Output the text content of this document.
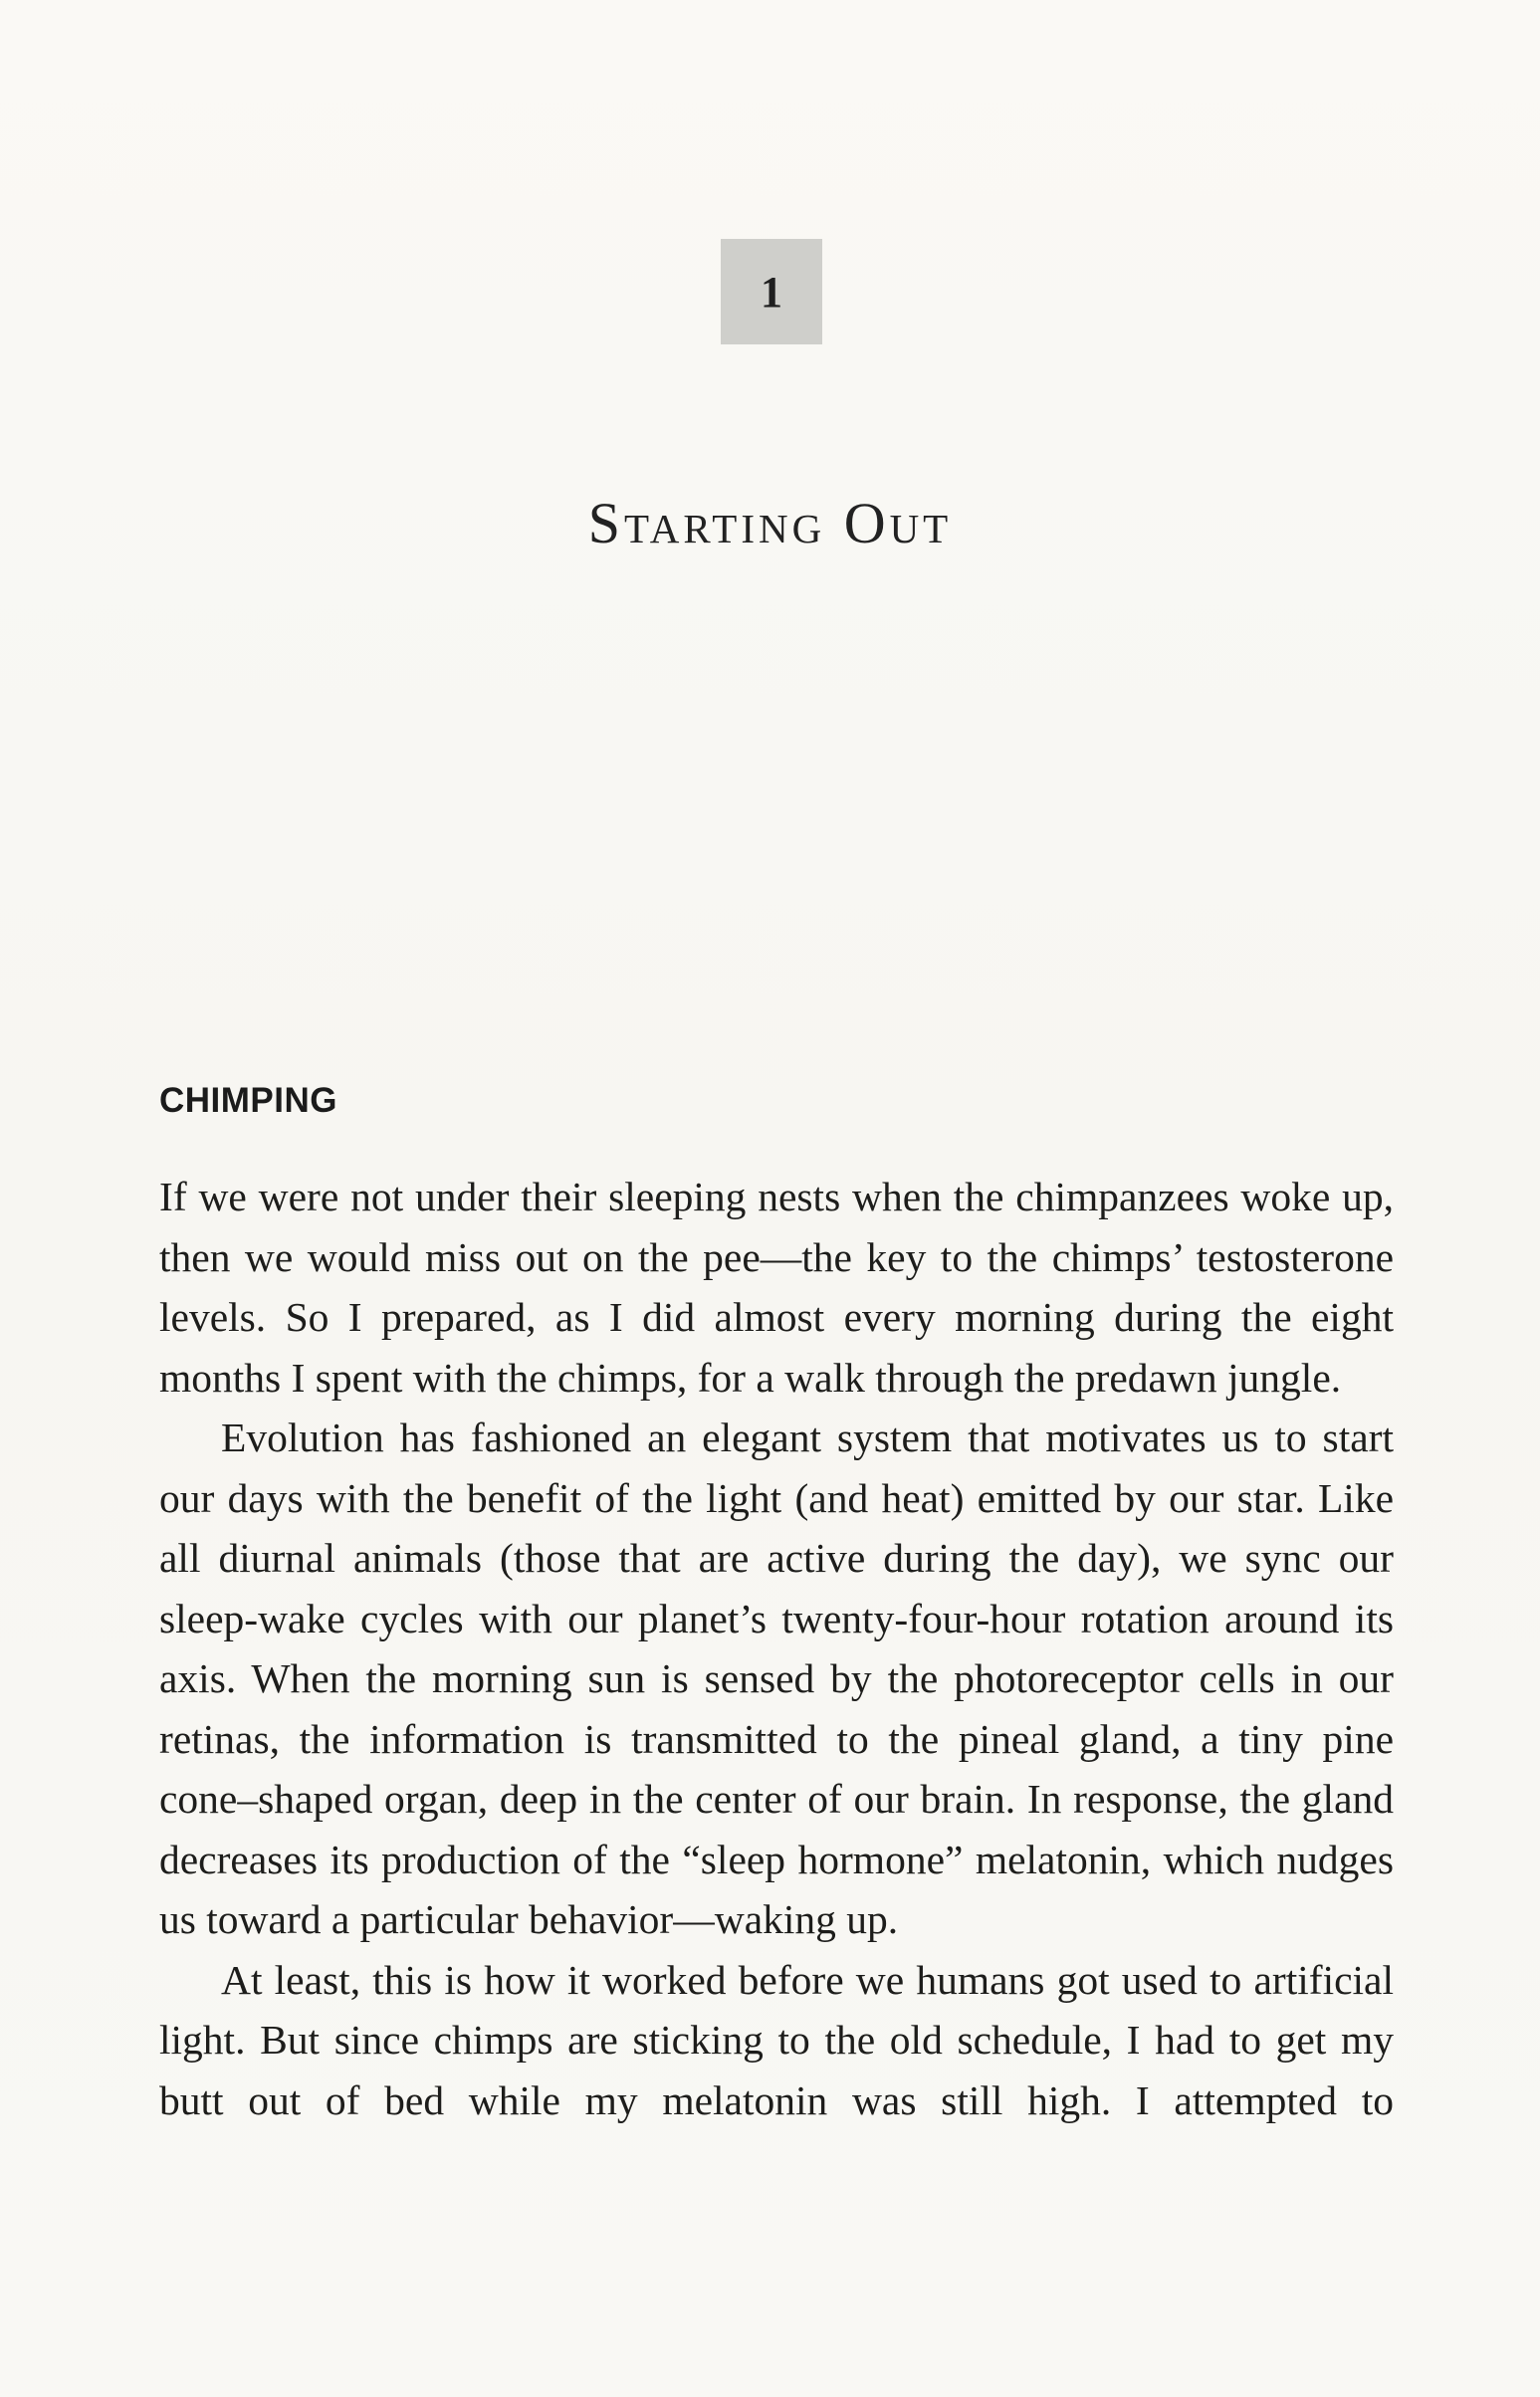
1
Starting Out
CHIMPING

If we were not under their sleeping nests when the chimpanzees woke up, then we would miss out on the pee—the key to the chimps’ testosterone levels. So I prepared, as I did almost every morning during the eight months I spent with the chimps, for a walk through the predawn jungle.

Evolution has fashioned an elegant system that motivates us to start our days with the benefit of the light (and heat) emitted by our star. Like all diurnal animals (those that are active during the day), we sync our sleep-wake cycles with our planet’s twenty-four-hour rotation around its axis. When the morning sun is sensed by the photoreceptor cells in our retinas, the information is transmitted to the pineal gland, a tiny pine cone–shaped organ, deep in the center of our brain. In response, the gland decreases its production of the “sleep hormone” melatonin, which nudges us toward a particular behavior—waking up.

At least, this is how it worked before we humans got used to artificial light. But since chimps are sticking to the old schedule, I had to get my butt out of bed while my melatonin was still high. I attempted to
